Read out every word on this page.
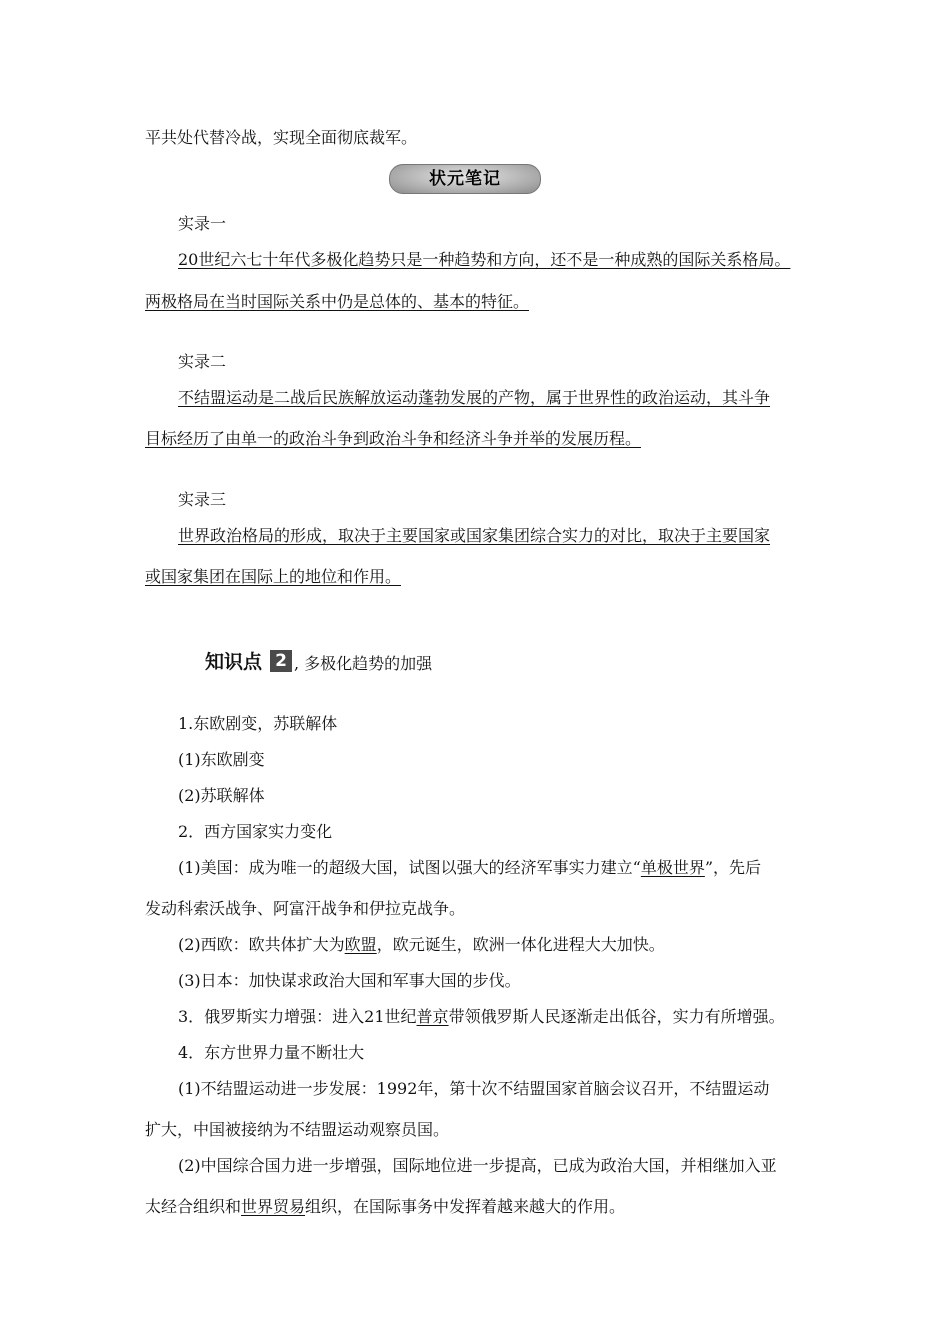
平共处代替冷战，实现全面彻底裁军。
状元笔记
实录一
20世纪六七十年代多极化趋势只是一种趋势和方向，还不是一种成熟的国际关系格局。
两极格局在当时国际关系中仍是总体的、基本的特征。
实录二
不结盟运动是二战后民族解放运动蓬勃发展的产物，属于世界性的政治运动，其斗争
目标经历了由单一的政治斗争到政治斗争和经济斗争并举的发展历程。
实录三
世界政治格局的形成，取决于主要国家或国家集团综合实力的对比，取决于主要国家
或国家集团在国际上的地位和作用。
知识点 2 , 多极化趋势的加强
1.东欧剧变，苏联解体
(1)东欧剧变
(2)苏联解体
2．西方国家实力变化
(1)美国：成为唯一的超级大国，试图以强大的经济军事实力建立“单极世界”，先后
发动科索沃战争、阿富汗战争和伊拉克战争。
(2)西欧：欧共体扩大为欧盟，欧元诞生，欧洲一体化进程大大加快。
(3)日本：加快谋求政治大国和军事大国的步伐。
3．俄罗斯实力增强：进入21世纪普京带领俄罗斯人民逐渐走出低谷，实力有所增强。
4．东方世界力量不断壮大
(1)不结盟运动进一步发展：1992年，第十次不结盟国家首脑会议召开，不结盟运动
扩大，中国被接纳为不结盟运动观察员国。
(2)中国综合国力进一步增强，国际地位进一步提高，已成为政治大国，并相继加入亚
太经合组织和世界贸易组织，在国际事务中发挥着越来越大的作用。
